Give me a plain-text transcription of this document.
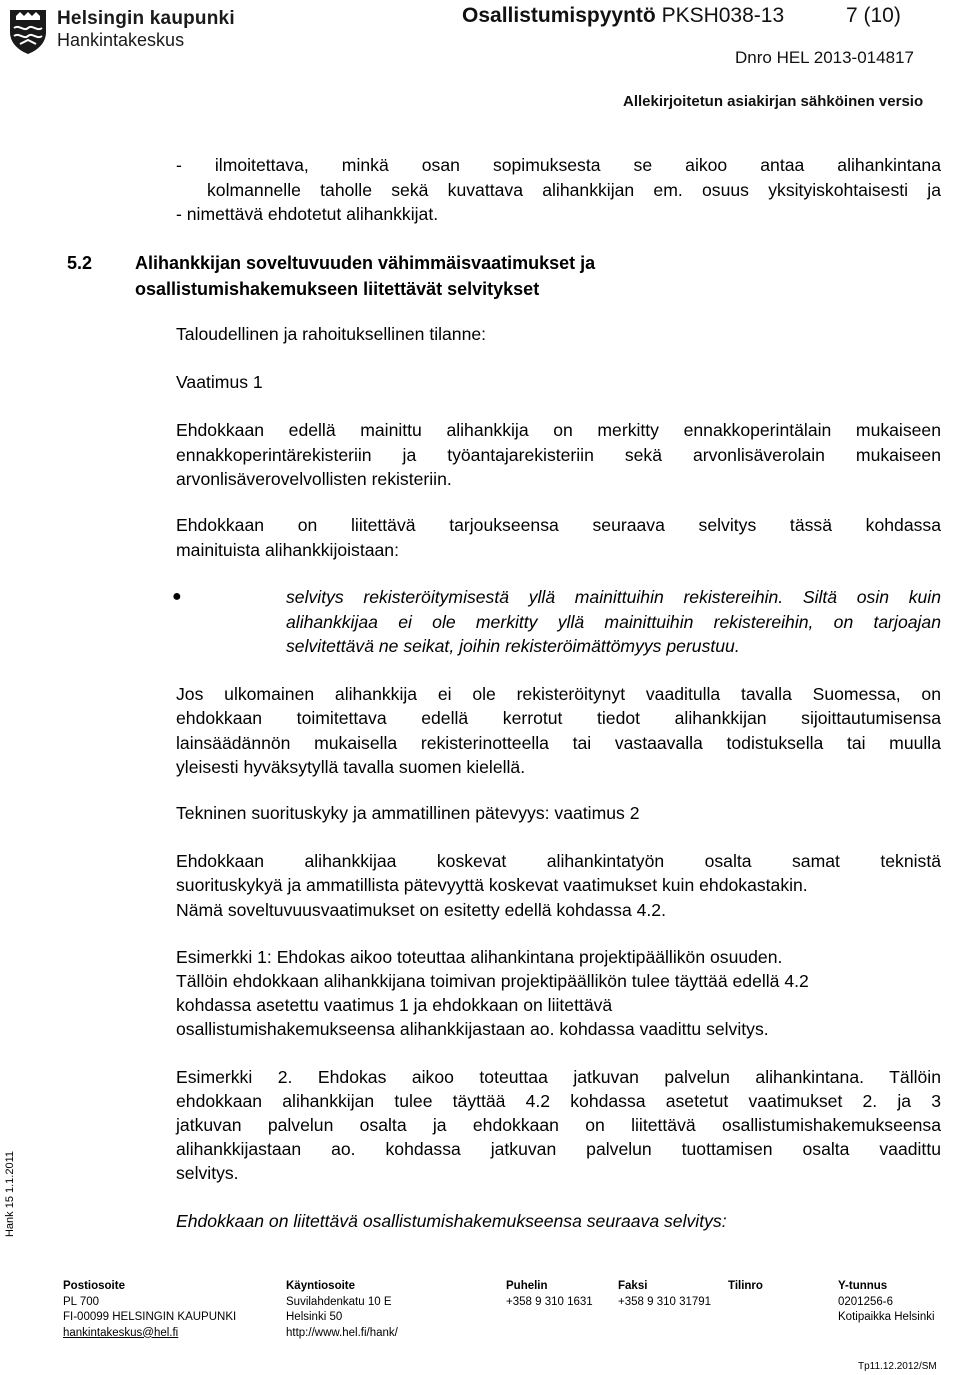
Helsingin kaupunki
Hankintakeskus
Osallistumispyyntö PKSH038-13	7 (10)
Dnro HEL 2013-014817
Allekirjoitetun asiakirjan sähköinen versio
- ilmoitettava, minkä osan sopimuksesta se aikoo antaa alihankintana
kolmannelle taholle sekä kuvattava alihankkijan em. osuus yksityiskohtaisesti ja
- nimettävä ehdotetut alihankkijat.
5.2 Alihankkijan soveltuvuuden vähimmäisvaatimukset ja
osallistumishakemukseen liitettävät selvitykset
Taloudellinen ja rahoituksellinen tilanne:
Vaatimus 1
Ehdokkaan edellä mainittu alihankkija on merkitty ennakkoperintälain mukaiseen
ennakkoperintärekisteriin ja työantajarekisteriin sekä arvonlisäverolain mukaiseen
arvonlisäverovelvollisten rekisteriin.
Ehdokkaan on liitettävä tarjoukseensa seuraava selvitys tässä kohdassa
mainituista alihankkijoistaan:
●	selvitys rekisteröitymisestä yllä mainittuihin rekistereihin. Siltä osin kuin
alihankkijaa ei ole merkitty yllä mainittuihin rekistereihin, on tarjoajan
selvitettävä ne seikat, joihin rekisteröimättömyys perustuu.
Jos ulkomainen alihankkija ei ole rekisteröitynyt vaaditulla tavalla Suomessa, on
ehdokkaan toimitettava edellä kerrotut tiedot alihankkijan sijoittautumisensa
lainsäädännön mukaisella rekisterinotteella tai vastaavalla todistuksella tai muulla
yleisesti hyväksytyllä tavalla suomen kielellä.
Tekninen suorituskyky ja ammatillinen pätevyys: vaatimus 2
Ehdokkaan alihankkijaa koskevat alihankintatyön osalta samat teknistä
suorituskykyä ja ammatillista pätevyyttä koskevat vaatimukset kuin ehdokastakin.
Nämä soveltuvuusvaatimukset on esitetty edellä kohdassa 4.2.
Esimerkki 1: Ehdokas aikoo toteuttaa alihankintana projektipäällikön osuuden.
Tällöin ehdokkaan alihankkijana toimivan projektipäällikön tulee täyttää edellä 4.2
kohdassa asetettu vaatimus 1 ja ehdokkaan on liitettävä
osallistumishakemukseensa alihankkijastaan ao. kohdassa vaadittu selvitys.
Esimerkki 2. Ehdokas aikoo toteuttaa jatkuvan palvelun alihankintana. Tällöin
ehdokkaan alihankkijan tulee täyttää 4.2 kohdassa asetetut vaatimukset 2. ja 3
jatkuvan palvelun osalta ja ehdokkaan on liitettävä osallistumishakemukseensa
alihankkijastaan ao. kohdassa jatkuvan palvelun tuottamisen osalta vaadittu
selvitys.
Ehdokkaan on liitettävä osallistumishakemukseensa seuraava selvitys:
Hank 15 1.1.2011
Postiosoite
PL 700
FI-00099 HELSINGIN KAUPUNKI
hankintakeskus@hel.fi
Käyntiosoite
Suvilahdenkatu 10 E
Helsinki 50
http://www.hel.fi/hank/
Puhelin
+358 9 310 1631
Faksi
+358 9 310 31791
Tilinro	Y-tunnus
0201256-6
Kotipaikka Helsinki
Tp11.12.2012/SM
